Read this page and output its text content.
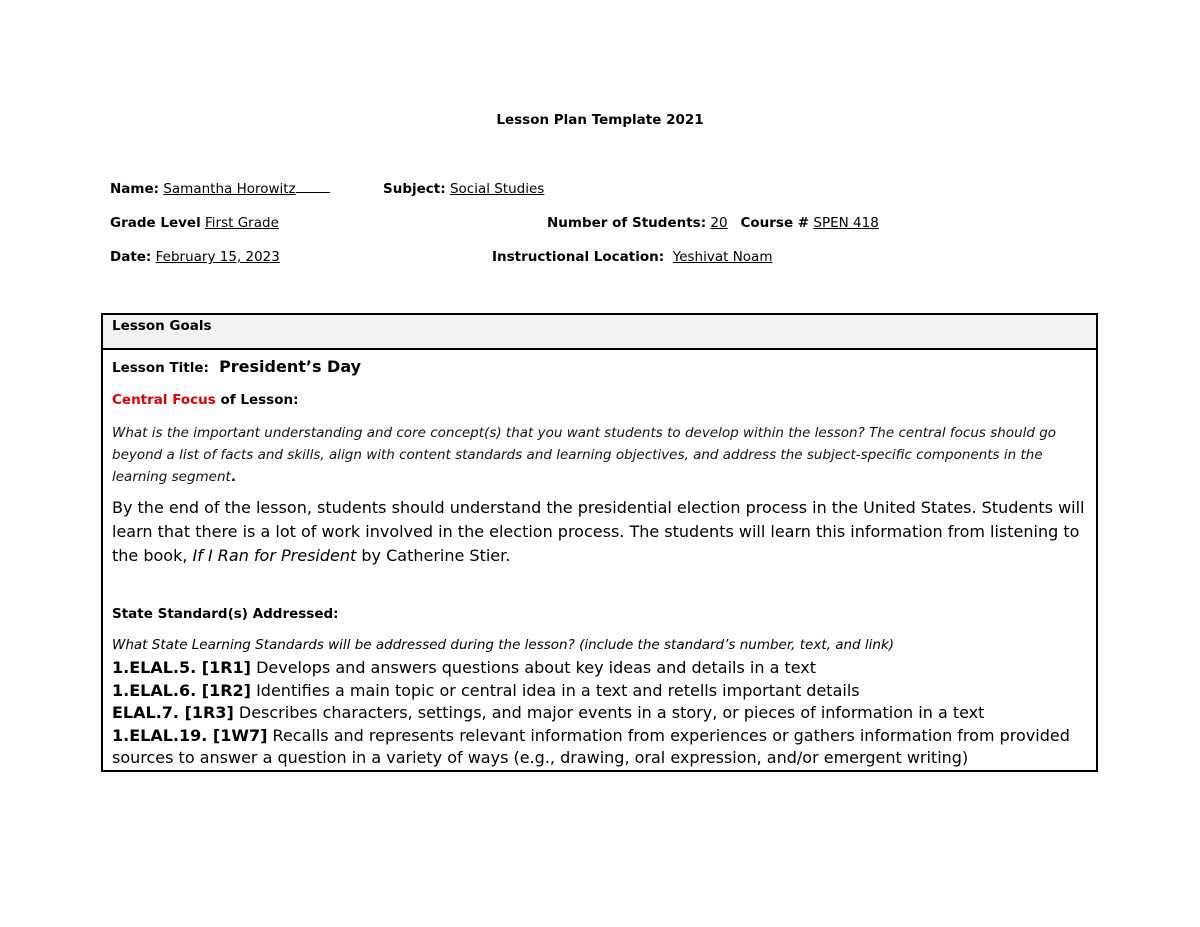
Lesson Plan Template 2021
Name: Samantha Horowitz	Subject: Social Studies
Grade Level First Grade	Number of Students: 20 Course # SPEN 418
Date: February 15, 2023	Instructional Location: Yeshivat Noam
Lesson Goals
Lesson Title: President’s Day
Central Focus of Lesson:
What is the important understanding and core concept(s) that you want students to develop within the lesson? The central focus should go beyond a list of facts and skills, align with content standards and learning objectives, and address the subject-specific components in the learning segment.
By the end of the lesson, students should understand the presidential election process in the United States. Students will learn that there is a lot of work involved in the election process. The students will learn this information from listening to the book, If I Ran for President by Catherine Stier.
State Standard(s) Addressed:
What State Learning Standards will be addressed during the lesson? (include the standard’s number, text, and link)
1.ELAL.5. [1R1] Develops and answers questions about key ideas and details in a text
1.ELAL.6. [1R2] Identifies a main topic or central idea in a text and retells important details
ELAL.7. [1R3] Describes characters, settings, and major events in a story, or pieces of information in a text
1.ELAL.19. [1W7] Recalls and represents relevant information from experiences or gathers information from provided sources to answer a question in a variety of ways (e.g., drawing, oral expression, and/or emergent writing)
